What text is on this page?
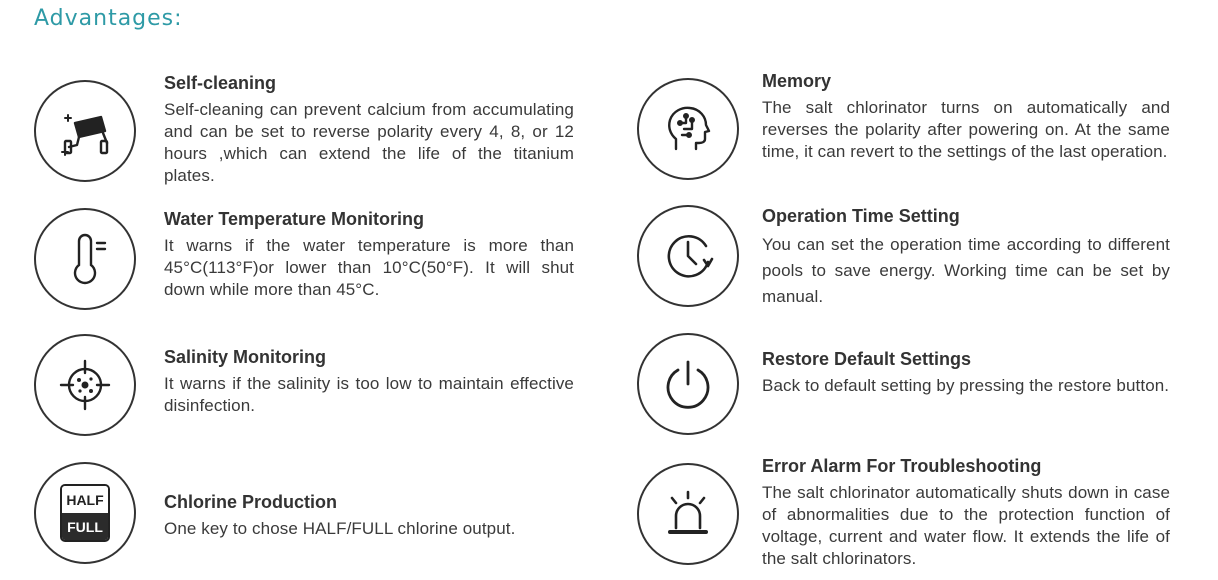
Advantages:

Self-cleaning

Self-cleaning can prevent calcium from accumulating and can be set to reverse polarity every 4, 8, or 12 hours ,which can extend the life of the titanium plates.

Water Temperature Monitoring

It warns if the water temperature is more than 45°C(113°F)or lower than 10°C(50°F). It will shut down while more than 45°C.

Salinity Monitoring

It warns if the salinity is too low to maintain effective disinfection.

HALF
FULL

Chlorine Production

One key to chose HALF/FULL chlorine output.

Memory

The salt chlorinator turns on automatically and reverses the polarity after powering on. At the same time, it can revert to the settings of the last operation.

Operation Time Setting

You can set the operation time according to different pools to save energy. Working time can be set by manual.

Restore Default Settings

Back to default setting by pressing the restore button.

Error Alarm For Troubleshooting

The salt chlorinator automatically shuts down in case of abnormalities due to the protection function of voltage, current and water flow. It extends the life of the salt chlorinators.
